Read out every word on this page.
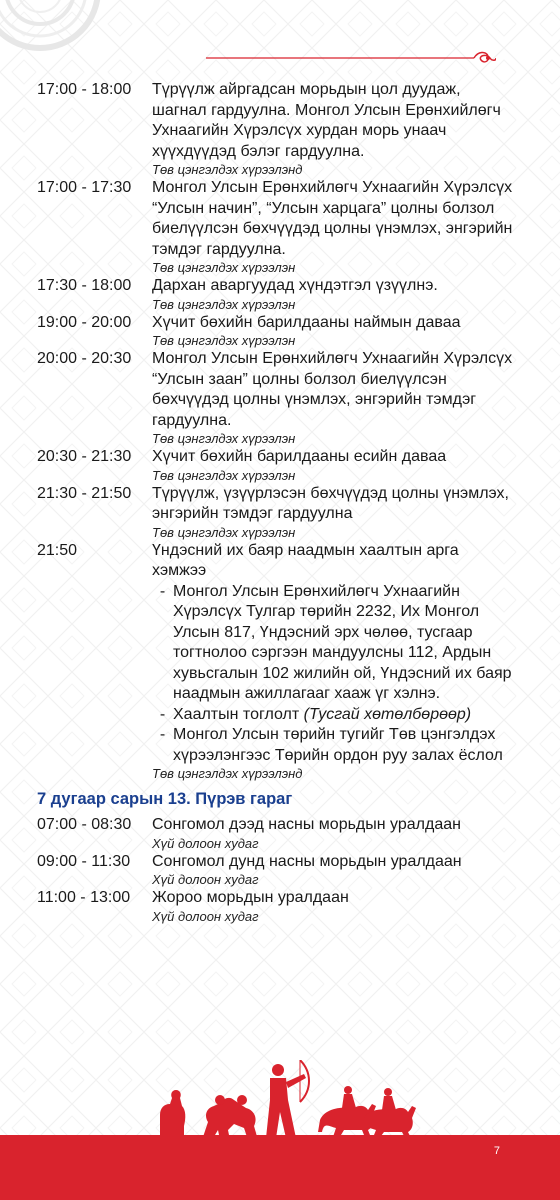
17:00 - 18:00	Түрүүлж айргадсан морьдын цол дуудаж, шагнал гардуулна. Монгол Улсын Ерөнхийлөгч Ухнаагийн Хүрэлсүх хурдан морь унаач хүүхдүүдэд бэлэг гардуулна.
Төв цэнгэлдэх хүрээлэнд
17:00 - 17:30	Монгол Улсын Ерөнхийлөгч Ухнаагийн Хүрэлсүх “Улсын начин”, “Улсын харцага” цолны болзол биелүүлсэн бөхчүүдэд цолны үнэмлэх, энгэрийн тэмдэг гардуулна.
Төв цэнгэлдэх хүрээлэн
17:30 - 18:00	Дархан аваргуудад хүндэтгэл үзүүлнэ.
Төв цэнгэлдэх хүрээлэн
19:00 - 20:00	Хүчит бөхийн барилдааны наймын даваа
Төв цэнгэлдэх хүрээлэн
20:00 - 20:30	Монгол Улсын Ерөнхийлөгч Ухнаагийн Хүрэлсүх “Улсын заан” цолны болзол биелүүлсэн бөхчүүдэд цолны үнэмлэх, энгэрийн тэмдэг гардуулна.
Төв цэнгэлдэх хүрээлэн
20:30 - 21:30	Хүчит бөхийн барилдааны есийн даваа
Төв цэнгэлдэх хүрээлэн
21:30 - 21:50	Түрүүлж, үзүүрлэсэн бөхчүүдэд цолны үнэмлэх, энгэрийн тэмдэг гардуулна
Төв цэнгэлдэх хүрээлэн
21:50	Үндэсний их баяр наадмын хаалтын арга хэмжээ
- Монгол Улсын Ерөнхийлөгч Ухнаагийн Хүрэлсүх Тулгар төрийн 2232, Их Монгол Улсын 817, Үндэсний эрх чөлөө, тусгаар тогтнолоо сэргээн мандуулсны 112, Ардын хувьсгалын 102 жилийн ой, Үндэсний их баяр наадмын ажиллагааг хааж үг хэлнэ.
- Хаалтын тоглолт (Тусгай хөтөлбөрөөр)
- Монгол Улсын төрийн тугийг Төв цэнгэлдэх хүрээлэнгээс Төрийн ордон руу залах ёслол
Төв цэнгэлдэх хүрээлэнд
7 дугаар сарын 13. Пүрэв гараг
07:00 - 08:30	Сонгомол дээд насны морьдын уралдаан
Хүй долоон худаг
09:00 - 11:30	Сонгомол дунд насны морьдын уралдаан
Хүй долоон худаг
11:00 - 13:00	Жороо морьдын уралдаан
Хүй долоон худаг
7
